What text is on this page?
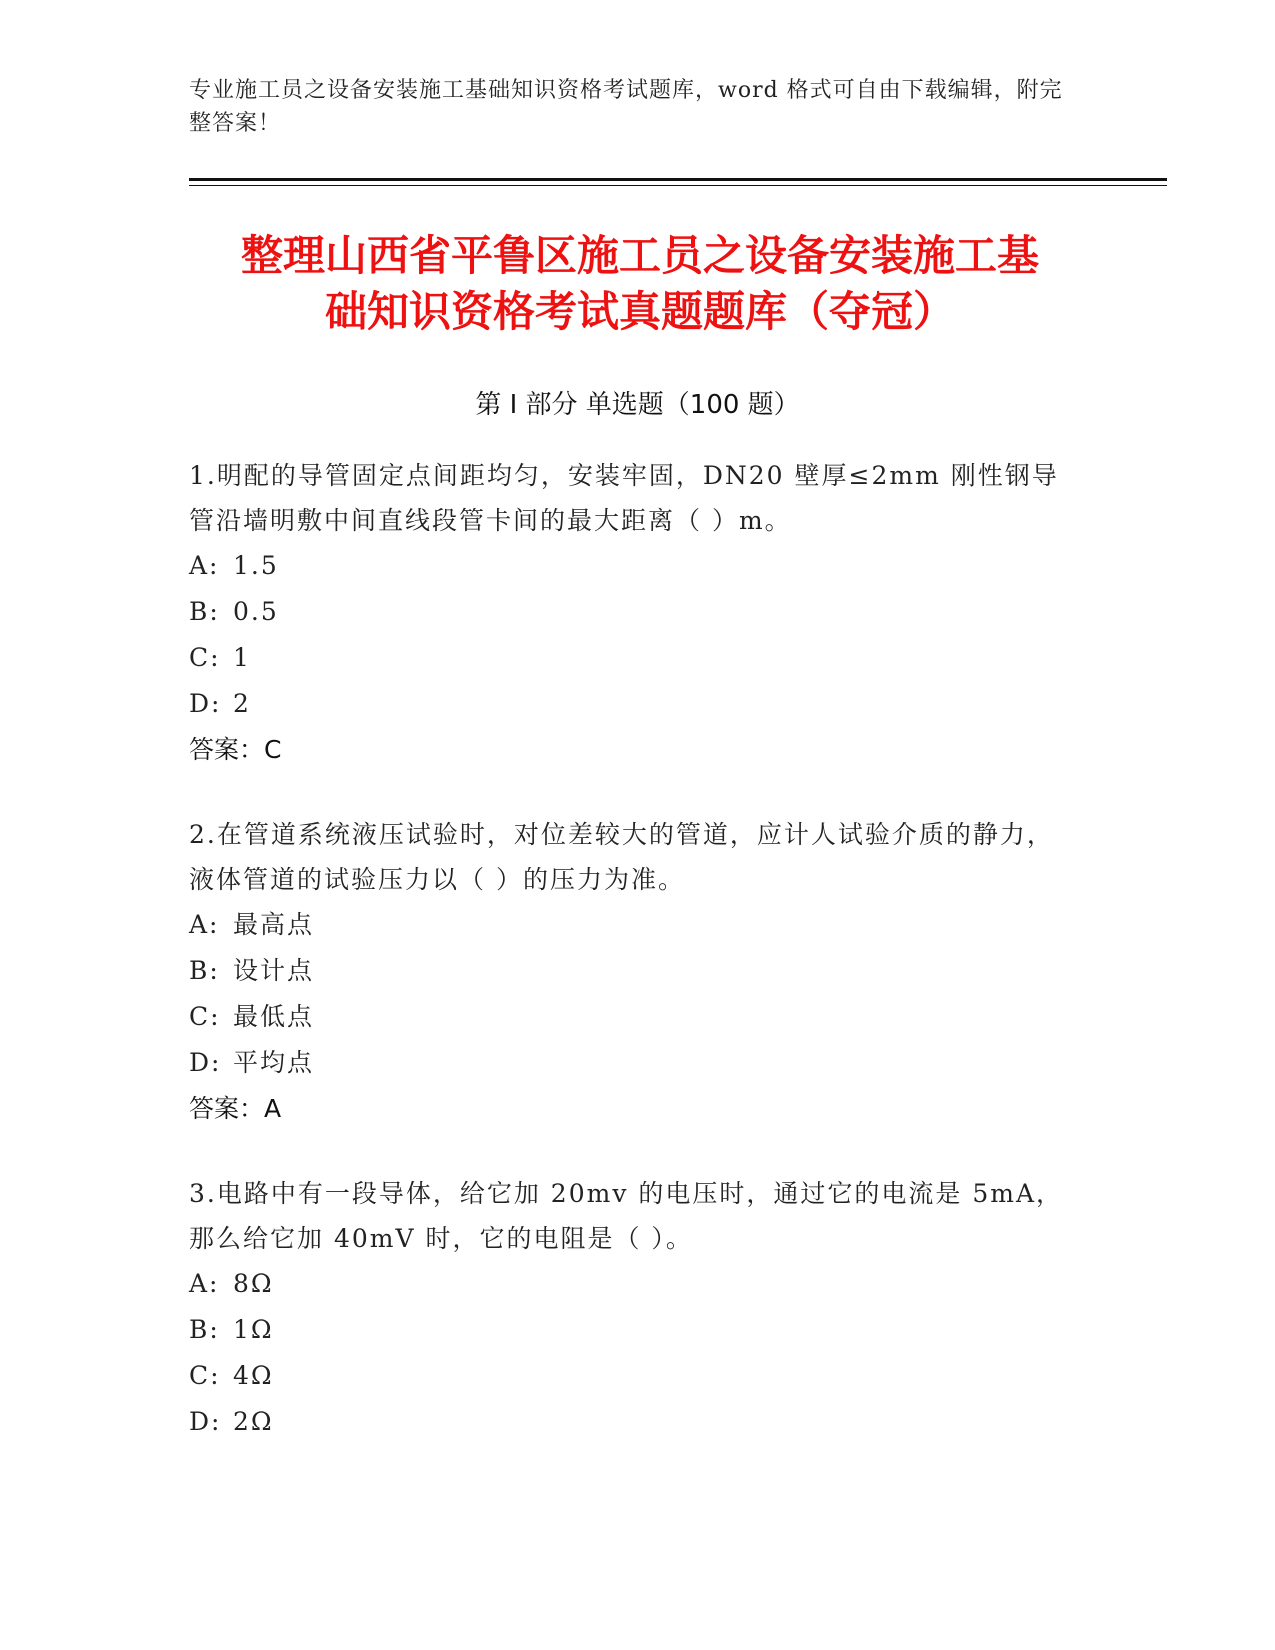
专业施工员之设备安装施工基础知识资格考试题库，word 格式可自由下载编辑，附完整答案！
整理山西省平鲁区施工员之设备安装施工基
础知识资格考试真题题库（夺冠）
第 I 部分 单选题（100 题）

1.明配的导管固定点间距均匀，安装牢固，DN20 壁厚≤2mm 刚性钢导管沿墙明敷中间直线段管卡间的最大距离（ ）m。

A: 1.5
B: 0.5
C: 1
D: 2

答案：C

2.在管道系统液压试验时，对位差较大的管道，应计人试验介质的静力，液体管道的试验压力以（ ）的压力为准。

A: 最高点
B: 设计点
C: 最低点
D: 平均点

答案：A

3.电路中有一段导体，给它加 20mv 的电压时，通过它的电流是 5mA，那么给它加 40mV 时，它的电阻是（ ）。

A: 8Ω
B: 1Ω
C: 4Ω
D: 2Ω
